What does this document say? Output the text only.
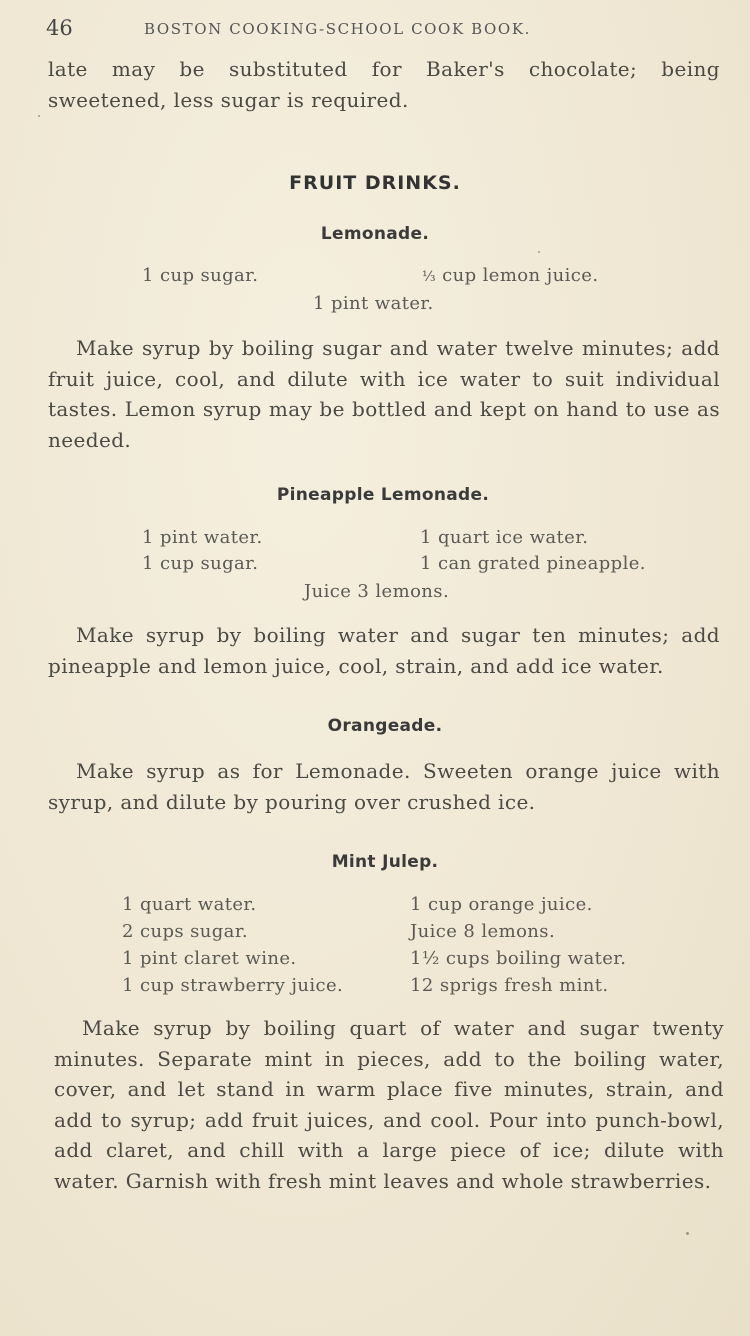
46	BOSTON COOKING-SCHOOL COOK BOOK.

late may be substituted for Baker's chocolate; being sweetened, less sugar is required.

FRUIT DRINKS.
Lemonade.
1 cup sugar.	⅓ cup lemon juice.
1 pint water.

Make syrup by boiling sugar and water twelve minutes; add fruit juice, cool, and dilute with ice water to suit individual tastes. Lemon syrup may be bottled and kept on hand to use as needed.

Pineapple Lemonade.
1 pint water.
1 cup sugar.
1 quart ice water.
1 can grated pineapple.
Juice 3 lemons.

Make syrup by boiling water and sugar ten minutes; add pineapple and lemon juice, cool, strain, and add ice water.

Orangeade.

Make syrup as for Lemonade. Sweeten orange juice with syrup, and dilute by pouring over crushed ice.

Mint Julep.
1 quart water.
2 cups sugar.
1 pint claret wine.
1 cup strawberry juice.
1 cup orange juice.
Juice 8 lemons.
1½ cups boiling water.
12 sprigs fresh mint.

Make syrup by boiling quart of water and sugar twenty minutes. Separate mint in pieces, add to the boiling water, cover, and let stand in warm place five minutes, strain, and add to syrup; add fruit juices, and cool. Pour into punch-bowl, add claret, and chill with a large piece of ice; dilute with water. Garnish with fresh mint leaves and whole strawberries.
